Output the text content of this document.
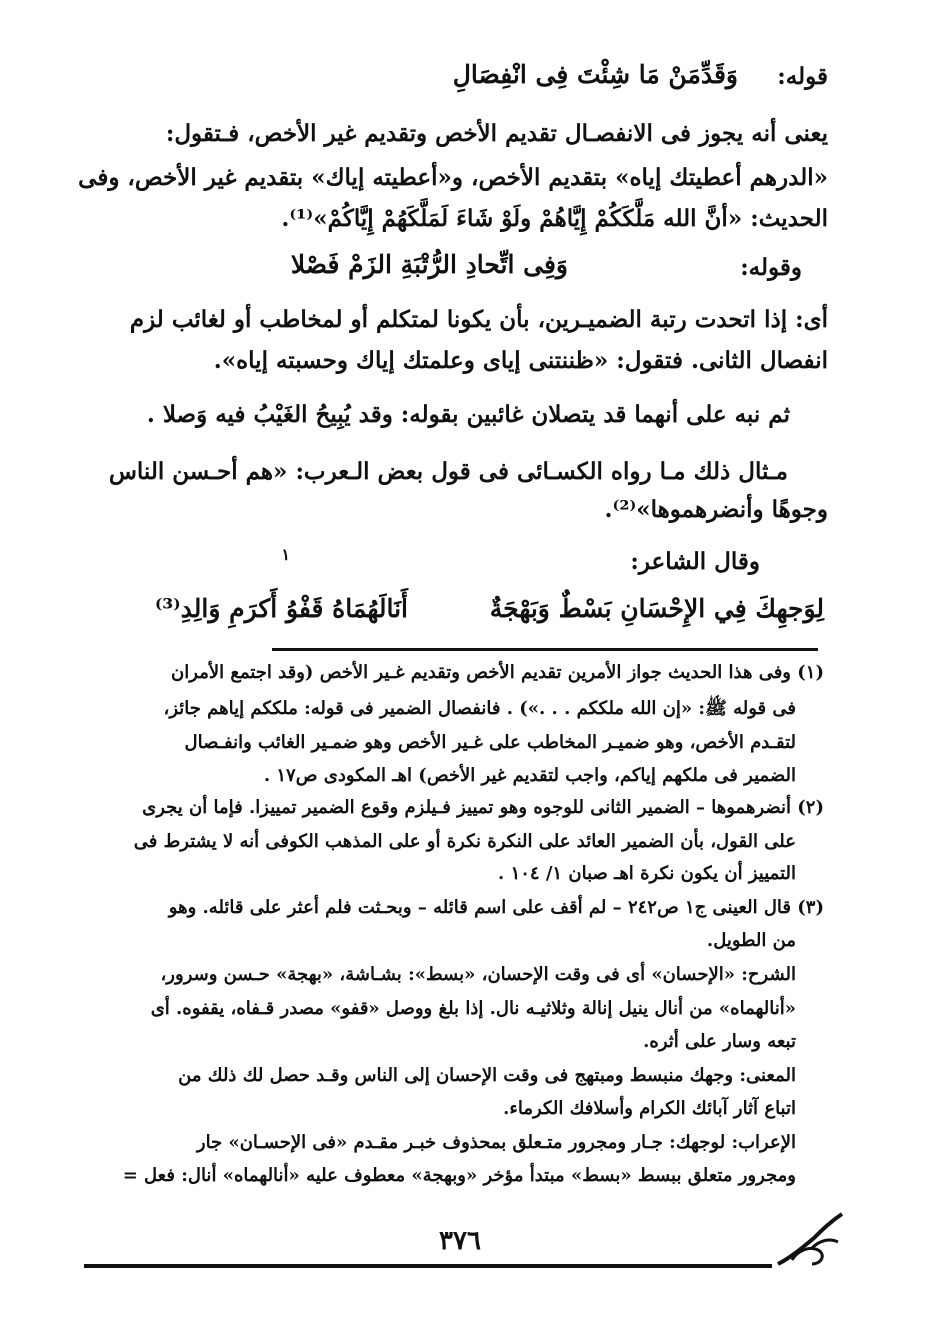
قوله:
وَقَدِّمَنْ مَا شِئْتَ فِى انْفِصَالِ
يعنى أنه يجوز فى الانفصـال تقديم الأخص وتقديم غير الأخص، فـتقول:
«الدرهم أعطيتك إياه» بتقديم الأخص، و«أعطيته إياك» بتقديم غير الأخص، وفى
الحديث: «أنَّ الله مَلَّكَكُمْ إِيَّاهُمْ ولَوْ شَاءَ لَمَلَّكَهُمْ إِيَّاكُمْ»⁽¹⁾.
وقوله:
وَفِى اتِّحادِ الرُّتْبَةِ الزَمْ فَصْلا
أى: إذا اتحدت رتبة الضميـرين، بأن يكونا لمتكلم أو لمخاطب أو لغائب لزم
انفصال الثانى. فتقول: «ظننتنى إياى وعلمتك إياك وحسبته إياه».
ثم نبه على أنهما قد يتصلان غائبين بقوله: وقد يُبِيحُ الغَيْبُ فيه وَصلا .
مـثال ذلك مـا رواه الكسـائى فى قول بعض الـعرب: «هم أحـسن الناس
وجوهًا وأنضرهموها»⁽²⁾.
وقال الشاعر:
١
لِوَجهِكَ فِي الإِحْسَانِ بَسْطٌ وَبَهْجَةٌ
أَنَالَهُمَاهُ قَفْوُ أَكرَمِ وَالِدِ⁽³⁾
(١) وفى هذا الحديث جواز الأمرين تقديم الأخص وتقديم غـير الأخص (وقد اجتمع الأمران
فى قوله ﷺ: «إن الله ملككم . . .») . فانفصال الضمير فى قوله: ملككم إياهم جائز،
لتقـدم الأخص، وهو ضميـر المخاطب على غـير الأخص وهو ضمـير الغائب وانفـصال
الضمير فى ملكهم إياكم، واجب لتقديم غير الأخص) اهـ المكودى ص١٧ .
(٢) أنضرهموها – الضمير الثانى للوجوه وهو تمييز فـيلزم وقوع الضمير تمييزا. فإما أن يجرى
على القول، بأن الضمير العائد على النكرة نكرة أو على المذهب الكوفى أنه لا يشترط فى
التمييز أن يكون نكرة اهـ صبان ١/ ١٠٤ .
(٣) قال العينى ج١ ص٢٤٢ – لم أقف على اسم قائله – وبحـثت فلم أعثر على قائله. وهو
من الطويل.
الشرح: «الإحسان» أى فى وقت الإحسان، «بسط»: بشـاشة، «بهجة» حـسن وسرور،
«أنالهماه» من أنال ينيل إنالة وثلاثيـه نال. إذا بلغ ووصل «قفو» مصدر قـفاه، يقفوه. أى
تبعه وسار على أثره.
المعنى: وجهك منبسط ومبتهج فى وقت الإحسان إلى الناس وقـد حصل لك ذلك من
اتباع آثار آبائك الكرام وأسلافك الكرماء.
الإعراب: لوجهك: جـار ومجرور متـعلق بمحذوف خبـر مقـدم «فى الإحسـان» جار
ومجرور متعلق ببسط «بسط» مبتدأ مؤخر «وبهجة» معطوف عليه «أنالهماه» أنال: فعل =
٣٧٦
